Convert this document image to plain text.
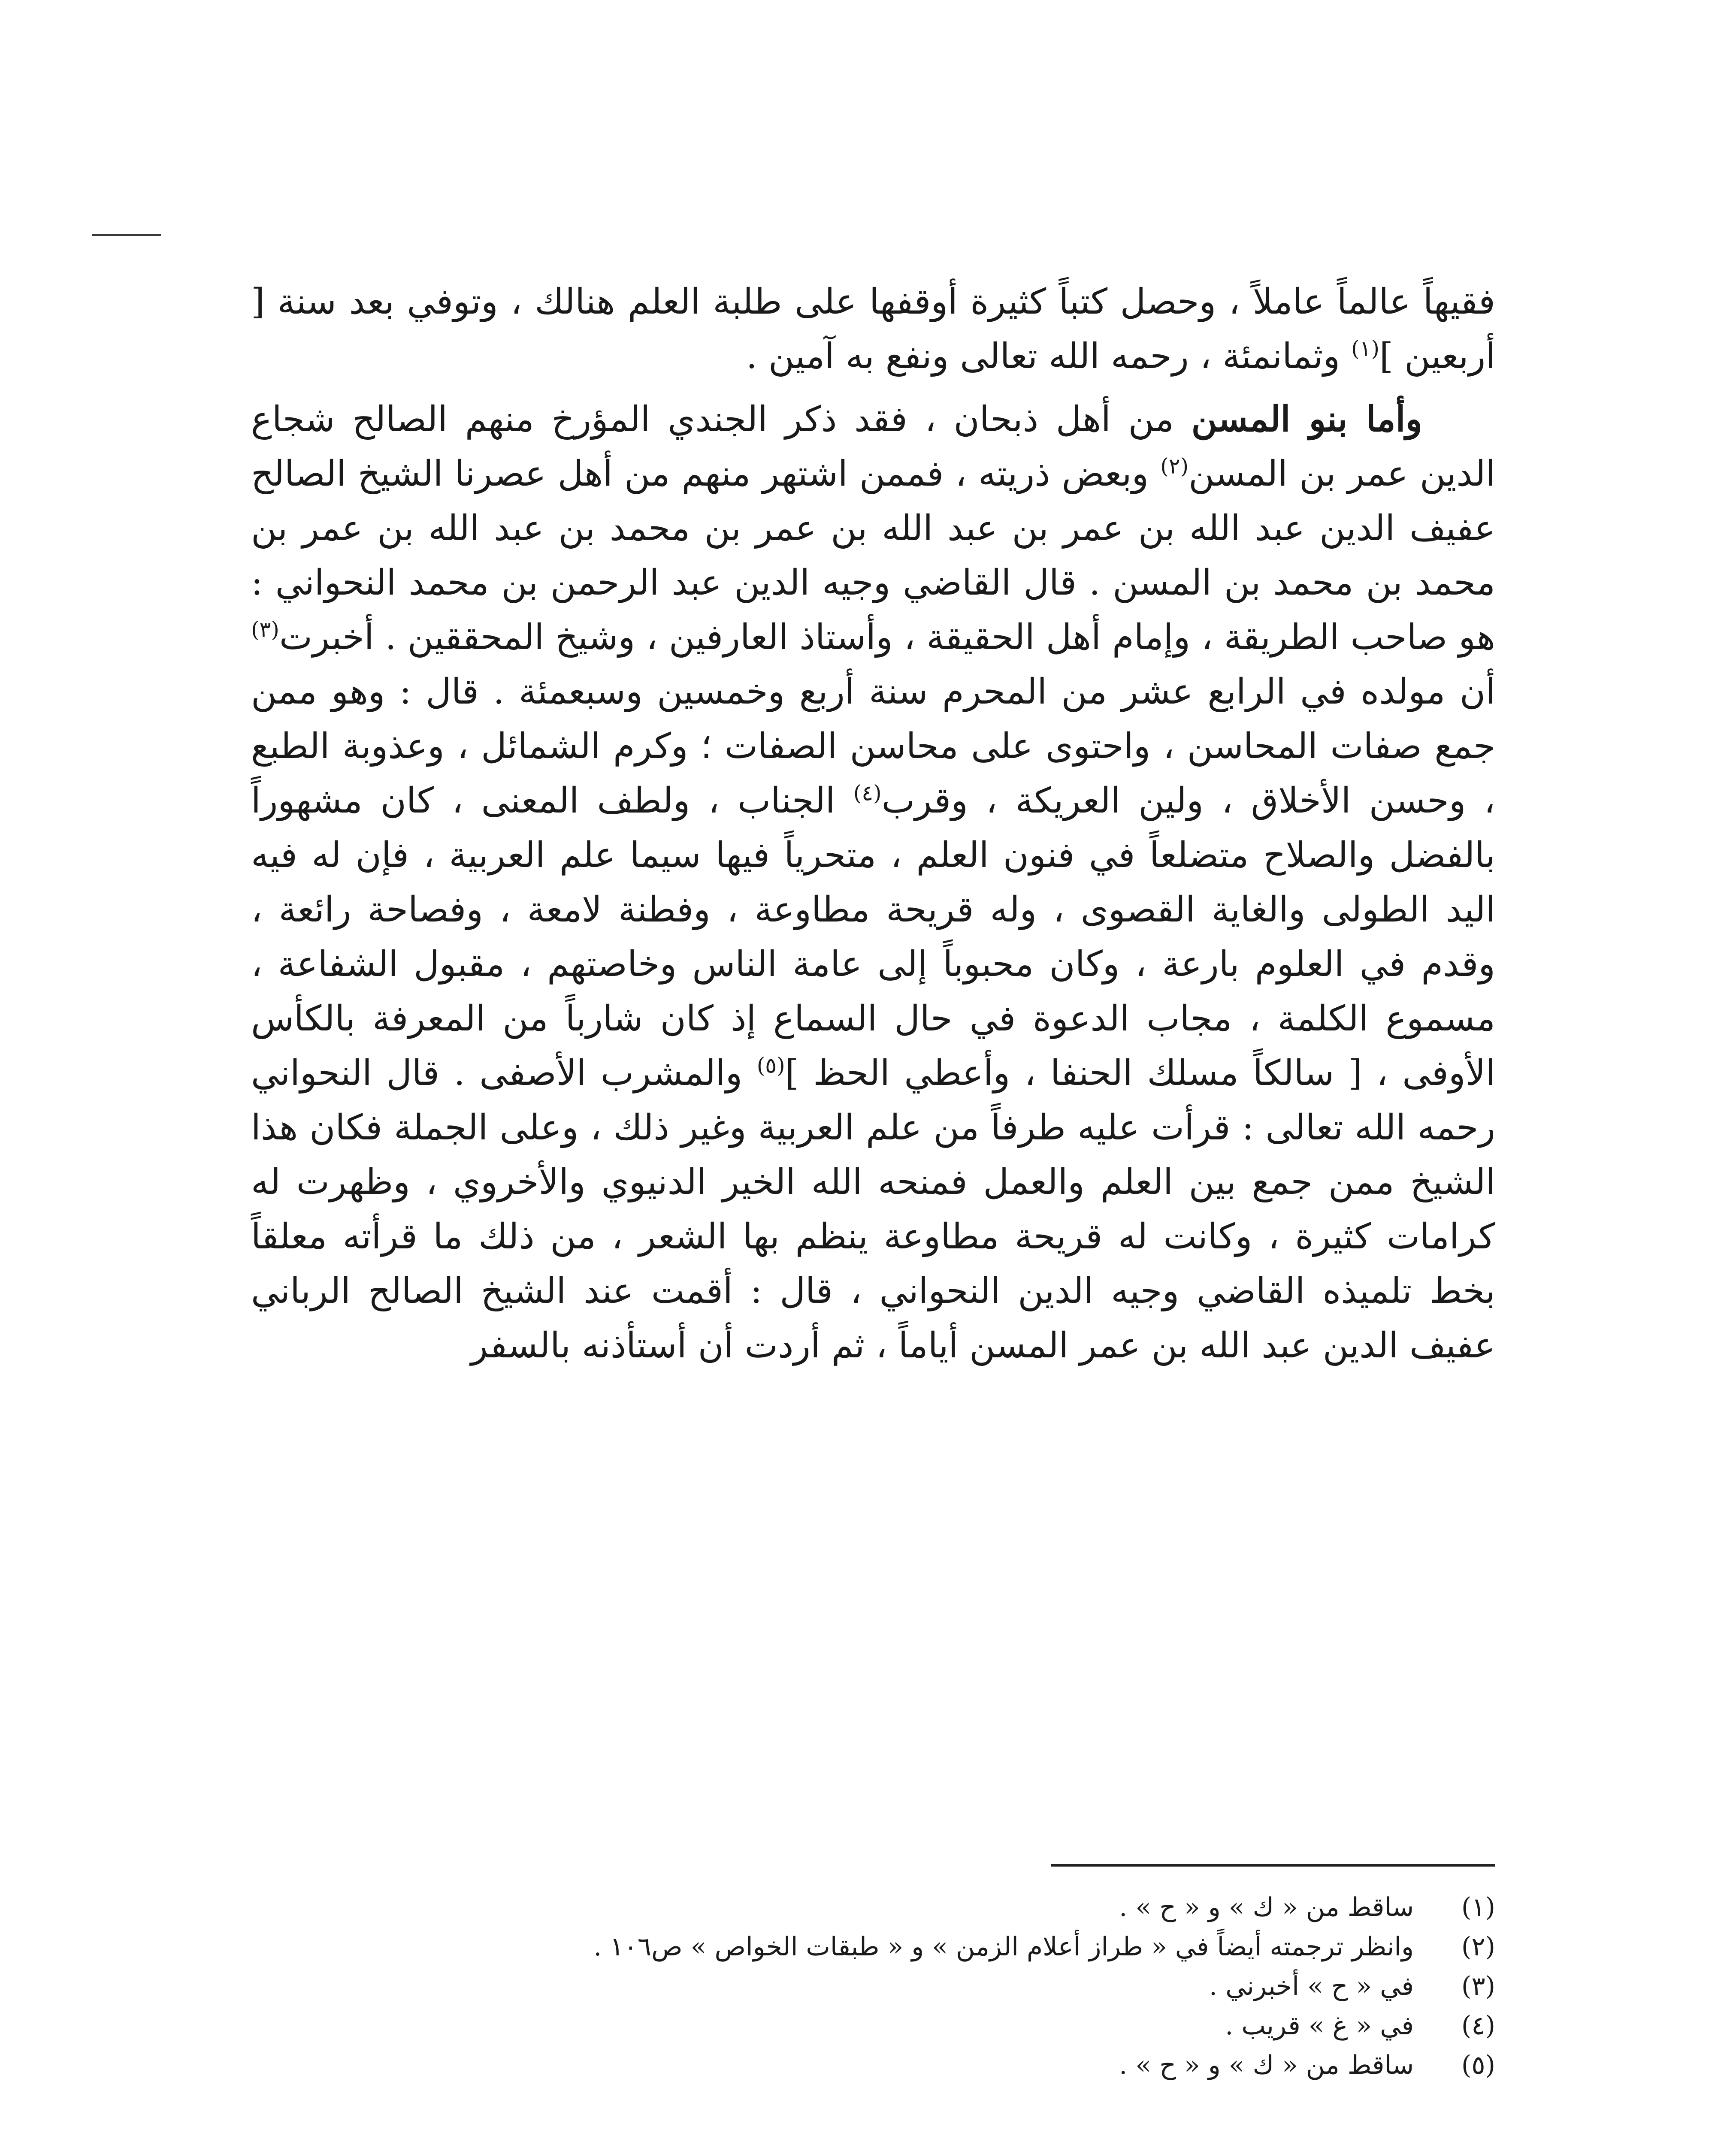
فقيهاً عالماً عاملاً ، وحصل كتباً كثيرة أوقفها على طلبة العلم هنالك ، وتوفي بعد سنة [ أربعين ]$^{(١)}$ وثمانمئة ، رحمه الله تعالى ونفع به آمين .

وأما بنو المسن من أهل ذبحان ، فقد ذكر الجندي المؤرخ منهم الصالح شجاع الدين عمر بن المسن$^{(٢)}$ وبعض ذريته ، فممن اشتهر منهم من أهل عصرنا الشيخ الصالح عفيف الدين عبد الله بن عمر بن عبد الله بن عمر بن محمد بن عبد الله بن عمر بن محمد بن محمد بن المسن . قال القاضي وجيه الدين عبد الرحمن بن محمد النحواني : هو صاحب الطريقة ، وإمام أهل الحقيقة ، وأستاذ العارفين ، وشيخ المحققين . أخبرت$^{(٣)}$ أن مولده في الرابع عشر من المحرم سنة أربع وخمسين وسبعمئة . قال : وهو ممن جمع صفات المحاسن ، واحتوى على محاسن الصفات ؛ وكرم الشمائل ، وعذوبة الطبع ، وحسن الأخلاق ، ولين العريكة ، وقرب$^{(٤)}$ الجناب ، ولطف المعنى ، كان مشهوراً بالفضل والصلاح متضلعاً في فنون العلم ، متحرياً فيها سيما علم العربية ، فإن له فيه اليد الطولى والغاية القصوى ، وله قريحة مطاوعة ، وفطنة لامعة ، وفصاحة رائعة ، وقدم في العلوم بارعة ، وكان محبوباً إلى عامة الناس وخاصتهم ، مقبول الشفاعة ، مسموع الكلمة ، مجاب الدعوة في حال السماع إذ كان شارباً من المعرفة بالكأس الأوفى ، [ سالكاً مسلك الحنفا ، وأعطي الحظ ]$^{(٥)}$ والمشرب الأصفى . قال النحواني رحمه الله تعالى : قرأت عليه طرفاً من علم العربية وغير ذلك ، وعلى الجملة فكان هذا الشيخ ممن جمع بين العلم والعمل فمنحه الله الخير الدنيوي والأخروي ، وظهرت له كرامات كثيرة ، وكانت له قريحة مطاوعة ينظم بها الشعر ، من ذلك ما قرأته معلقاً بخط تلميذه القاضي وجيه الدين النحواني ، قال : أقمت عند الشيخ الصالح الرباني عفيف الدين عبد الله بن عمر المسن أياماً ، ثم أردت أن أستأذنه بالسفر

(١)
ساقط من « ك » و « ح » .
(٢)
وانظر ترجمته أيضاً في « طراز أعلام الزمن » و « طبقات الخواص » ص١٠٦ .
(٣)
في « ح » أخبرني .
(٤)
في « غ » قريب .
(٥)
ساقط من « ك » و « ح » .
